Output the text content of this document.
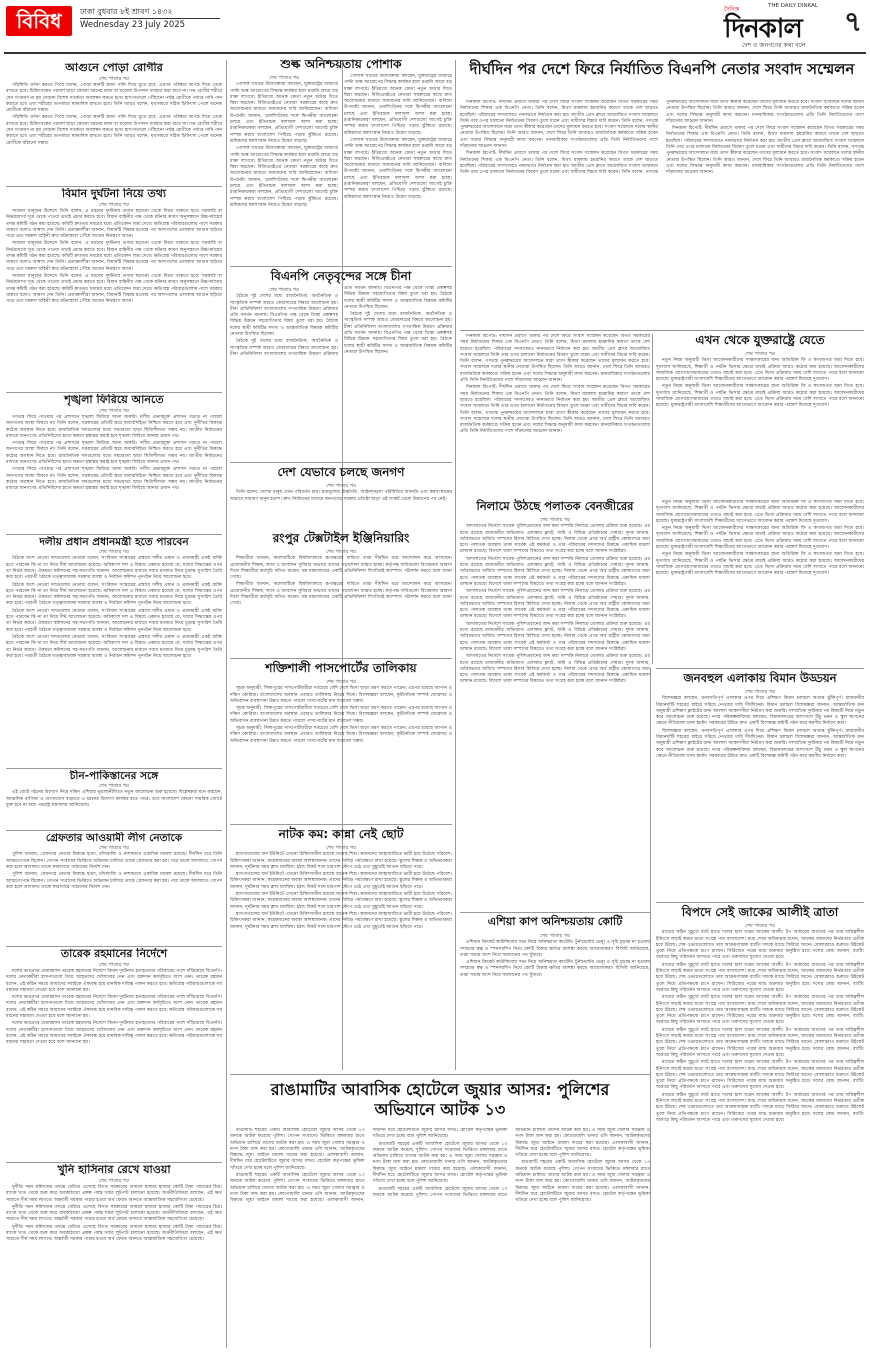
বিবিধ	ঢাকা বুধবার ৮ই শ্রাবণ ১৪৩২
Wednesday 23 July 2025
দৈনিক	THE DAILY DINKAL
দিনকাল
দেশ ও জনগণের কথা বলে
৭
আগুনে পোড়া রোগীর
শেষ পাতার পর

পরিস্থিতি বর্ণনা করতে গিয়ে বলেন, পোড়া স্থানটি ঠান্ডা পানি দিয়ে ধুতে হবে, এরপর পরিষ্কার কাপড় দিয়ে ঢেকে রাখতে হবে। চিকিৎসকের পরামর্শ ছাড়া কোনো ধরনের মলম বা ঘরোয়া উপাদান ব্যবহার করা যাবে না। দগ্ধ রোগীর শরীরে যেন সংক্রমণ না হয় সেজন্য বিশেষ সতর্কতা অবলম্বন করতে হবে। হাসপাতালে পৌঁছানো পর্যন্ত রোগীকে পর্যাপ্ত পানি পান করাতে হবে এবং শরীরের তাপমাত্রা স্বাভাবিক রাখতে হবে। তিনি আরও বলেন, যথাসময়ে সঠিক চিকিৎসা পেলে অনেক রোগীকে বাঁচানো সম্ভব।

পরিস্থিতি বর্ণনা করতে গিয়ে বলেন, পোড়া স্থানটি ঠান্ডা পানি দিয়ে ধুতে হবে, এরপর পরিষ্কার কাপড় দিয়ে ঢেকে রাখতে হবে। চিকিৎসকের পরামর্শ ছাড়া কোনো ধরনের মলম বা ঘরোয়া উপাদান ব্যবহার করা যাবে না। দগ্ধ রোগীর শরীরে যেন সংক্রমণ না হয় সেজন্য বিশেষ সতর্কতা অবলম্বন করতে হবে। হাসপাতালে পৌঁছানো পর্যন্ত রোগীকে পর্যাপ্ত পানি পান করাতে হবে এবং শরীরের তাপমাত্রা স্বাভাবিক রাখতে হবে। তিনি আরও বলেন, যথাসময়ে সঠিক চিকিৎসা পেলে অনেক রোগীকে বাঁচানো সম্ভব।

বিমান দুর্ঘটনা নিয়ে তথ্য
শেষ পাতার পর

সাধারণ মানুষের উদ্দেশে তিনি বলেন, এ ধরনের দুর্ঘটনায় গুজব ছড়ানো থেকে বিরত থাকতে হবে। সরকারি বা নির্ভরযোগ্য সূত্র থেকে পাওয়া তথ্যই প্রচার করতে হবে। বিমান বাহিনীর পক্ষ থেকে ঘটনার কারণ অনুসন্ধানে উচ্চপর্যায়ের তদন্ত কমিটি গঠন করা হয়েছে। কমিটি দ্রুততম সময়ের মধ্যে প্রতিবেদন জমা দেবে। ক্ষতিগ্রস্ত পরিবারগুলোর পাশে সরকার থাকবে বলেও আশ্বাস দেন তিনি। প্রত্যক্ষদর্শীরা জানান, বিমানটি বিধ্বস্ত হওয়ার পর আশপাশের এলাকায় আগুন ছড়িয়ে পড়ে এবং দমকল বাহিনী দ্রুত ঘটনাস্থলে পৌঁছে আগুন নিয়ন্ত্রণে আনে।

সাধারণ মানুষের উদ্দেশে তিনি বলেন, এ ধরনের দুর্ঘটনায় গুজব ছড়ানো থেকে বিরত থাকতে হবে। সরকারি বা নির্ভরযোগ্য সূত্র থেকে পাওয়া তথ্যই প্রচার করতে হবে। বিমান বাহিনীর পক্ষ থেকে ঘটনার কারণ অনুসন্ধানে উচ্চপর্যায়ের তদন্ত কমিটি গঠন করা হয়েছে। কমিটি দ্রুততম সময়ের মধ্যে প্রতিবেদন জমা দেবে। ক্ষতিগ্রস্ত পরিবারগুলোর পাশে সরকার থাকবে বলেও আশ্বাস দেন তিনি। প্রত্যক্ষদর্শীরা জানান, বিমানটি বিধ্বস্ত হওয়ার পর আশপাশের এলাকায় আগুন ছড়িয়ে পড়ে এবং দমকল বাহিনী দ্রুত ঘটনাস্থলে পৌঁছে আগুন নিয়ন্ত্রণে আনে।

সাধারণ মানুষের উদ্দেশে তিনি বলেন, এ ধরনের দুর্ঘটনায় গুজব ছড়ানো থেকে বিরত থাকতে হবে। সরকারি বা নির্ভরযোগ্য সূত্র থেকে পাওয়া তথ্যই প্রচার করতে হবে। বিমান বাহিনীর পক্ষ থেকে ঘটনার কারণ অনুসন্ধানে উচ্চপর্যায়ের তদন্ত কমিটি গঠন করা হয়েছে। কমিটি দ্রুততম সময়ের মধ্যে প্রতিবেদন জমা দেবে। ক্ষতিগ্রস্ত পরিবারগুলোর পাশে সরকার থাকবে বলেও আশ্বাস দেন তিনি। প্রত্যক্ষদর্শীরা জানান, বিমানটি বিধ্বস্ত হওয়ার পর আশপাশের এলাকায় আগুন ছড়িয়ে পড়ে এবং দমকল বাহিনী দ্রুত ঘটনাস্থলে পৌঁছে আগুন নিয়ন্ত্রণে আনে।

শৃঙ্খলা ফিরিয়ে আনতে
শেষ পাতার পর

গণতন্ত্র ফিরে পাওয়ার পর প্রশাসনে শৃঙ্খলা ফিরিয়ে আনা জরুরি। দলীয় প্রভাবমুক্ত প্রশাসন গড়তে না পারলে জনগণের আস্থা ফিরবে না। তিনি বলেন, সরকারের প্রতিটি স্তরে জবাবদিহিতা নিশ্চিত করতে হবে এবং দুর্নীতির বিরুদ্ধে কঠোর অবস্থান নিতে হবে। রাজনৈতিক দলগুলোর মধ্যে সমঝোতা ছাড়া স্থিতিশীলতা সম্ভব নয়। জাতীয় নির্বাচনের মাধ্যমে জনগণের প্রতিনিধিদের হাতে ক্ষমতা হস্তান্তর করাই হবে শৃঙ্খলা ফিরিয়ে আনার প্রধান পথ।

গণতন্ত্র ফিরে পাওয়ার পর প্রশাসনে শৃঙ্খলা ফিরিয়ে আনা জরুরি। দলীয় প্রভাবমুক্ত প্রশাসন গড়তে না পারলে জনগণের আস্থা ফিরবে না। তিনি বলেন, সরকারের প্রতিটি স্তরে জবাবদিহিতা নিশ্চিত করতে হবে এবং দুর্নীতির বিরুদ্ধে কঠোর অবস্থান নিতে হবে। রাজনৈতিক দলগুলোর মধ্যে সমঝোতা ছাড়া স্থিতিশীলতা সম্ভব নয়। জাতীয় নির্বাচনের মাধ্যমে জনগণের প্রতিনিধিদের হাতে ক্ষমতা হস্তান্তর করাই হবে শৃঙ্খলা ফিরিয়ে আনার প্রধান পথ।

গণতন্ত্র ফিরে পাওয়ার পর প্রশাসনে শৃঙ্খলা ফিরিয়ে আনা জরুরি। দলীয় প্রভাবমুক্ত প্রশাসন গড়তে না পারলে জনগণের আস্থা ফিরবে না। তিনি বলেন, সরকারের প্রতিটি স্তরে জবাবদিহিতা নিশ্চিত করতে হবে এবং দুর্নীতির বিরুদ্ধে কঠোর অবস্থান নিতে হবে। রাজনৈতিক দলগুলোর মধ্যে সমঝোতা ছাড়া স্থিতিশীলতা সম্ভব নয়। জাতীয় নির্বাচনের মাধ্যমে জনগণের প্রতিনিধিদের হাতে ক্ষমতা হস্তান্তর করাই হবে শৃঙ্খলা ফিরিয়ে আনার প্রধান পথ।

দলীয় প্রধান প্রধানমন্ত্রী হতে পারবেন
শেষ পাতার পর

বৈঠকে অংশ নেওয়া দলগুলোর নেতারা বলেন, সংবিধান সংস্কারের প্রস্তাবে দলীয় প্রধান ও প্রধানমন্ত্রী একই ব্যক্তি হতে পারবেন কি না তা নিয়ে দীর্ঘ আলোচনা হয়েছে। অধিকাংশ দল এ বিষয়ে একমত হয়েছে যে, দলের সিদ্ধান্তের ওপর তা নির্ভর করবে। ঐকমত্য কমিশনের সহ-সভাপতি জানান, আলোচনার মাধ্যমে সবার মতামত নিয়ে চূড়ান্ত সুপারিশ তৈরি করা হবে। পরবর্তী বৈঠকে তত্ত্বাবধায়ক সরকার ব্যবস্থা ও নির্বাচন কমিশন পুনর্গঠন নিয়ে আলোচনা হবে।

বৈঠকে অংশ নেওয়া দলগুলোর নেতারা বলেন, সংবিধান সংস্কারের প্রস্তাবে দলীয় প্রধান ও প্রধানমন্ত্রী একই ব্যক্তি হতে পারবেন কি না তা নিয়ে দীর্ঘ আলোচনা হয়েছে। অধিকাংশ দল এ বিষয়ে একমত হয়েছে যে, দলের সিদ্ধান্তের ওপর তা নির্ভর করবে। ঐকমত্য কমিশনের সহ-সভাপতি জানান, আলোচনার মাধ্যমে সবার মতামত নিয়ে চূড়ান্ত সুপারিশ তৈরি করা হবে। পরবর্তী বৈঠকে তত্ত্বাবধায়ক সরকার ব্যবস্থা ও নির্বাচন কমিশন পুনর্গঠন নিয়ে আলোচনা হবে।

বৈঠকে অংশ নেওয়া দলগুলোর নেতারা বলেন, সংবিধান সংস্কারের প্রস্তাবে দলীয় প্রধান ও প্রধানমন্ত্রী একই ব্যক্তি হতে পারবেন কি না তা নিয়ে দীর্ঘ আলোচনা হয়েছে। অধিকাংশ দল এ বিষয়ে একমত হয়েছে যে, দলের সিদ্ধান্তের ওপর তা নির্ভর করবে। ঐকমত্য কমিশনের সহ-সভাপতি জানান, আলোচনার মাধ্যমে সবার মতামত নিয়ে চূড়ান্ত সুপারিশ তৈরি করা হবে। পরবর্তী বৈঠকে তত্ত্বাবধায়ক সরকার ব্যবস্থা ও নির্বাচন কমিশন পুনর্গঠন নিয়ে আলোচনা হবে।

বৈঠকে অংশ নেওয়া দলগুলোর নেতারা বলেন, সংবিধান সংস্কারের প্রস্তাবে দলীয় প্রধান ও প্রধানমন্ত্রী একই ব্যক্তি হতে পারবেন কি না তা নিয়ে দীর্ঘ আলোচনা হয়েছে। অধিকাংশ দল এ বিষয়ে একমত হয়েছে যে, দলের সিদ্ধান্তের ওপর তা নির্ভর করবে। ঐকমত্য কমিশনের সহ-সভাপতি জানান, আলোচনার মাধ্যমে সবার মতামত নিয়ে চূড়ান্ত সুপারিশ তৈরি করা হবে। পরবর্তী বৈঠকে তত্ত্বাবধায়ক সরকার ব্যবস্থা ও নির্বাচন কমিশন পুনর্গঠন নিয়ে আলোচনা হবে।

চীন-পাকিস্তানের সঙ্গে
শেষ পাতার পর

এই জোট গঠনের উদ্যোগ নিয়ে দক্ষিণ এশিয়ার ভূরাজনীতিতে নতুন আলোচনা শুরু হয়েছে। বিশ্লেষকরা মনে করছেন, আঞ্চলিক বাণিজ্য ও যোগাযোগ বাড়াতে এ ধরনের উদ্যোগ কার্যকর হতে পারে। তবে বাংলাদেশ কোনো সামরিক জোটে যুক্ত হবে না বলে পররাষ্ট্র মন্ত্রণালয় জানিয়েছে।

গ্রেফতার আওয়ামী লীগ নেতাকে
শেষ পাতার পর

পুলিশ জানায়, গ্রেফতার নেতার বিরুদ্ধে হত্যা, চাঁদাবাজি ও নাশকতার একাধিক মামলা রয়েছে। দীর্ঘদিন ধরে তিনি আত্মগোপনে ছিলেন। গোপন সংবাদের ভিত্তিতে অভিযান চালিয়ে তাকে গ্রেফতার করা হয়। পরে তাকে আদালতে সোপর্দ করা হলে আদালত তাকে কারাগারে পাঠানোর নির্দেশ দেন।

পুলিশ জানায়, গ্রেফতার নেতার বিরুদ্ধে হত্যা, চাঁদাবাজি ও নাশকতার একাধিক মামলা রয়েছে। দীর্ঘদিন ধরে তিনি আত্মগোপনে ছিলেন। গোপন সংবাদের ভিত্তিতে অভিযান চালিয়ে তাকে গ্রেফতার করা হয়। পরে তাকে আদালতে সোপর্দ করা হলে আদালত তাকে কারাগারে পাঠানোর নির্দেশ দেন।

তারেক রহমানের নির্দেশে
শেষ পাতার পর

দলের ভারপ্রাপ্ত চেয়ারম্যান তারেক রহমানের নির্দেশে বিমান দুর্ঘটনায় হতাহতদের পরিবারের পাশে দাঁড়িয়েছে বিএনপি। দলের নেতাকর্মীরা হাসপাতালে গিয়ে আহতদের খোঁজখবর নেন এবং রক্তদান কর্মসূচিতে অংশ নেন। তারেক রহমান বলেন, এই কঠিন সময়ে আমাদের সবাইকে ঐক্যবদ্ধ হয়ে মানবিক দায়িত্ব পালন করতে হবে। ক্ষতিগ্রস্ত পরিবারগুলোকে সব ধরনের সহায়তা দেওয়া হবে বলে জানানো হয়।

দলের ভারপ্রাপ্ত চেয়ারম্যান তারেক রহমানের নির্দেশে বিমান দুর্ঘটনায় হতাহতদের পরিবারের পাশে দাঁড়িয়েছে বিএনপি। দলের নেতাকর্মীরা হাসপাতালে গিয়ে আহতদের খোঁজখবর নেন এবং রক্তদান কর্মসূচিতে অংশ নেন। তারেক রহমান বলেন, এই কঠিন সময়ে আমাদের সবাইকে ঐক্যবদ্ধ হয়ে মানবিক দায়িত্ব পালন করতে হবে। ক্ষতিগ্রস্ত পরিবারগুলোকে সব ধরনের সহায়তা দেওয়া হবে বলে জানানো হয়।

দলের ভারপ্রাপ্ত চেয়ারম্যান তারেক রহমানের নির্দেশে বিমান দুর্ঘটনায় হতাহতদের পরিবারের পাশে দাঁড়িয়েছে বিএনপি। দলের নেতাকর্মীরা হাসপাতালে গিয়ে আহতদের খোঁজখবর নেন এবং রক্তদান কর্মসূচিতে অংশ নেন। তারেক রহমান বলেন, এই কঠিন সময়ে আমাদের সবাইকে ঐক্যবদ্ধ হয়ে মানবিক দায়িত্ব পালন করতে হবে। ক্ষতিগ্রস্ত পরিবারগুলোকে সব ধরনের সহায়তা দেওয়া হবে বলে জানানো হয়।

খুনি হাসিনার রেখে যাওয়া
শেষ পাতার পর

দুর্নীতি দমন কমিশনের তদন্তে বেরিয়ে এসেছে বিগত সরকারের আমলে হাজার হাজার কোটি টাকা পাচারের চিত্র। ব্যাংক খাত থেকে শুরু করে অবকাঠামো প্রকল্প পর্যন্ত সর্বত্র লুটপাট চালানো হয়েছে। অর্থনীতিবিদরা বলছেন, এই ক্ষত সারাতে দীর্ঘ সময় লাগবে। অন্তর্বর্তী সরকার পাচার হওয়া অর্থ ফেরত আনতে আন্তর্জাতিক সহযোগিতা চেয়েছে।

দুর্নীতি দমন কমিশনের তদন্তে বেরিয়ে এসেছে বিগত সরকারের আমলে হাজার হাজার কোটি টাকা পাচারের চিত্র। ব্যাংক খাত থেকে শুরু করে অবকাঠামো প্রকল্প পর্যন্ত সর্বত্র লুটপাট চালানো হয়েছে। অর্থনীতিবিদরা বলছেন, এই ক্ষত সারাতে দীর্ঘ সময় লাগবে। অন্তর্বর্তী সরকার পাচার হওয়া অর্থ ফেরত আনতে আন্তর্জাতিক সহযোগিতা চেয়েছে।

দুর্নীতি দমন কমিশনের তদন্তে বেরিয়ে এসেছে বিগত সরকারের আমলে হাজার হাজার কোটি টাকা পাচারের চিত্র। ব্যাংক খাত থেকে শুরু করে অবকাঠামো প্রকল্প পর্যন্ত সর্বত্র লুটপাট চালানো হয়েছে। অর্থনীতিবিদরা বলছেন, এই ক্ষত সারাতে দীর্ঘ সময় লাগবে। অন্তর্বর্তী সরকার পাচার হওয়া অর্থ ফেরত আনতে আন্তর্জাতিক সহযোগিতা চেয়েছে।

শুল্ক অনিশ্চয়তায় পোশাক
শেষ পাতার পর

পোশাক খাতের উদ্যোক্তারা বলছেন, যুক্তরাষ্ট্রের বাজারে পাল্টা শুল্ক আরোপের সিদ্ধান্ত কার্যকর হলে রপ্তানি আয়ে বড় ধাক্কা লাগবে। ইতিমধ্যে অনেক ক্রেতা নতুন অর্ডার দিতে দ্বিধা করছেন। বিজিএমইএর নেতারা সরকারের কাছে দ্রুত আলোচনার মাধ্যমে সমাধানের দাবি জানিয়েছেন। বাণিজ্য উপদেষ্টা জানান, ওয়াশিংটনের সঙ্গে দ্বিপক্ষীয় আলোচনা চলছে এবং ইতিবাচক ফলাফল আশা করা হচ্ছে। রপ্তানিকারকরা বলছেন, প্রতিযোগী দেশগুলো আগেই চুক্তি সম্পন্ন করায় বাংলাদেশ পিছিয়ে পড়ার ঝুঁকিতে রয়েছে। শ্রমিকদের কর্মসংস্থান নিয়েও উদ্বেগ বাড়ছে।

পোশাক খাতের উদ্যোক্তারা বলছেন, যুক্তরাষ্ট্রের বাজারে পাল্টা শুল্ক আরোপের সিদ্ধান্ত কার্যকর হলে রপ্তানি আয়ে বড় ধাক্কা লাগবে। ইতিমধ্যে অনেক ক্রেতা নতুন অর্ডার দিতে দ্বিধা করছেন। বিজিএমইএর নেতারা সরকারের কাছে দ্রুত আলোচনার মাধ্যমে সমাধানের দাবি জানিয়েছেন। বাণিজ্য উপদেষ্টা জানান, ওয়াশিংটনের সঙ্গে দ্বিপক্ষীয় আলোচনা চলছে এবং ইতিবাচক ফলাফল আশা করা হচ্ছে। রপ্তানিকারকরা বলছেন, প্রতিযোগী দেশগুলো আগেই চুক্তি সম্পন্ন করায় বাংলাদেশ পিছিয়ে পড়ার ঝুঁকিতে রয়েছে। শ্রমিকদের কর্মসংস্থান নিয়েও উদ্বেগ বাড়ছে।

পোশাক খাতের উদ্যোক্তারা বলছেন, যুক্তরাষ্ট্রের বাজারে পাল্টা শুল্ক আরোপের সিদ্ধান্ত কার্যকর হলে রপ্তানি আয়ে বড় ধাক্কা লাগবে। ইতিমধ্যে অনেক ক্রেতা নতুন অর্ডার দিতে দ্বিধা করছেন। বিজিএমইএর নেতারা সরকারের কাছে দ্রুত আলোচনার মাধ্যমে সমাধানের দাবি জানিয়েছেন। বাণিজ্য উপদেষ্টা জানান, ওয়াশিংটনের সঙ্গে দ্বিপক্ষীয় আলোচনা চলছে এবং ইতিবাচক ফলাফল আশা করা হচ্ছে। রপ্তানিকারকরা বলছেন, প্রতিযোগী দেশগুলো আগেই চুক্তি সম্পন্ন করায় বাংলাদেশ পিছিয়ে পড়ার ঝুঁকিতে রয়েছে। শ্রমিকদের কর্মসংস্থান নিয়েও উদ্বেগ বাড়ছে।

পোশাক খাতের উদ্যোক্তারা বলছেন, যুক্তরাষ্ট্রের বাজারে পাল্টা শুল্ক আরোপের সিদ্ধান্ত কার্যকর হলে রপ্তানি আয়ে বড় ধাক্কা লাগবে। ইতিমধ্যে অনেক ক্রেতা নতুন অর্ডার দিতে দ্বিধা করছেন। বিজিএমইএর নেতারা সরকারের কাছে দ্রুত আলোচনার মাধ্যমে সমাধানের দাবি জানিয়েছেন। বাণিজ্য উপদেষ্টা জানান, ওয়াশিংটনের সঙ্গে দ্বিপক্ষীয় আলোচনা চলছে এবং ইতিবাচক ফলাফল আশা করা হচ্ছে। রপ্তানিকারকরা বলছেন, প্রতিযোগী দেশগুলো আগেই চুক্তি সম্পন্ন করায় বাংলাদেশ পিছিয়ে পড়ার ঝুঁকিতে রয়েছে। শ্রমিকদের কর্মসংস্থান নিয়েও উদ্বেগ বাড়ছে।

দীর্ঘদিন পর দেশে ফিরে নির্যাতিত বিএনপি নেতার সংবাদ সম্মেলন

দিনকাল রিপোর্ট: দীর্ঘদিন প্রবাসে থাকার পর দেশে ফিরে সংবাদ সম্মেলন করেছেন বিগত সরকারের সময় নির্যাতনের শিকার এক বিএনপি নেতা। তিনি বলেন, মিথ্যা মামলায় হয়রানির কারণে তাকে দেশ ছাড়তে হয়েছিল। পরিবারের সদস্যদেরও নানাভাবে নির্যাতন করা হয়। জাতীয় প্রেস ক্লাবে আয়োজিত সংবাদ সম্মেলনে তিনি তার ওপর চালানো নির্যাতনের বিবরণ তুলে ধরেন এবং দায়ীদের বিচার দাবি করেন। তিনি বলেন, গণতন্ত্র পুনরুদ্ধারের আন্দোলনে যারা ত্যাগ স্বীকার করেছেন তাদের মূল্যায়ন করতে হবে। সংবাদ সম্মেলনে দলের স্থানীয় নেতারা উপস্থিত ছিলেন। তিনি আরও জানান, দেশে ফিরে তিনি আবারও রাজনৈতিক কর্মকাণ্ডে সক্রিয় হবেন এবং দলের সিদ্ধান্ত অনুযায়ী কাজ করবেন। মানবাধিকার সংগঠনগুলোর প্রতি তিনি নির্যাতিতদের পাশে দাঁড়ানোর আহ্বান জানান।

দিনকাল রিপোর্ট: দীর্ঘদিন প্রবাসে থাকার পর দেশে ফিরে সংবাদ সম্মেলন করেছেন বিগত সরকারের সময় নির্যাতনের শিকার এক বিএনপি নেতা। তিনি বলেন, মিথ্যা মামলায় হয়রানির কারণে তাকে দেশ ছাড়তে হয়েছিল। পরিবারের সদস্যদেরও নানাভাবে নির্যাতন করা হয়। জাতীয় প্রেস ক্লাবে আয়োজিত সংবাদ সম্মেলনে তিনি তার ওপর চালানো নির্যাতনের বিবরণ তুলে ধরেন এবং দায়ীদের বিচার দাবি করেন। তিনি বলেন, গণতন্ত্র পুনরুদ্ধারের আন্দোলনে যারা ত্যাগ স্বীকার করেছেন তাদের মূল্যায়ন করতে হবে। সংবাদ সম্মেলনে দলের স্থানীয় নেতারা উপস্থিত ছিলেন। তিনি আরও জানান, দেশে ফিরে তিনি আবারও রাজনৈতিক কর্মকাণ্ডে সক্রিয় হবেন এবং দলের সিদ্ধান্ত অনুযায়ী কাজ করবেন। মানবাধিকার সংগঠনগুলোর প্রতি তিনি নির্যাতিতদের পাশে দাঁড়ানোর আহ্বান জানান।

দিনকাল রিপোর্ট: দীর্ঘদিন প্রবাসে থাকার পর দেশে ফিরে সংবাদ সম্মেলন করেছেন বিগত সরকারের সময় নির্যাতনের শিকার এক বিএনপি নেতা। তিনি বলেন, মিথ্যা মামলায় হয়রানির কারণে তাকে দেশ ছাড়তে হয়েছিল। পরিবারের সদস্যদেরও নানাভাবে নির্যাতন করা হয়। জাতীয় প্রেস ক্লাবে আয়োজিত সংবাদ সম্মেলনে তিনি তার ওপর চালানো নির্যাতনের বিবরণ তুলে ধরেন এবং দায়ীদের বিচার দাবি করেন। তিনি বলেন, গণতন্ত্র পুনরুদ্ধারের আন্দোলনে যারা ত্যাগ স্বীকার করেছেন তাদের মূল্যায়ন করতে হবে। সংবাদ সম্মেলনে দলের স্থানীয় নেতারা উপস্থিত ছিলেন। তিনি আরও জানান, দেশে ফিরে তিনি আবারও রাজনৈতিক কর্মকাণ্ডে সক্রিয় হবেন এবং দলের সিদ্ধান্ত অনুযায়ী কাজ করবেন। মানবাধিকার সংগঠনগুলোর প্রতি তিনি নির্যাতিতদের পাশে দাঁড়ানোর আহ্বান জানান।

বিএনপি নেতৃবৃন্দের সঙ্গে চীনা
শেষ পাতার পর

বৈঠকে দুই দেশের মধ্যে রাজনৈতিক, অর্থনৈতিক ও সাংস্কৃতিক সম্পর্ক আরও জোরদারের বিষয়ে আলোচনা হয়। চীনা প্রতিনিধিদল বাংলাদেশের গণতান্ত্রিক উত্তরণ প্রক্রিয়ার প্রতি সমর্থন জানায়। বিএনপির পক্ষ থেকে তিস্তা প্রকল্পসহ বিভিন্ন উন্নয়ন সহযোগিতার বিষয় তুলে ধরা হয়। বৈঠকে দলের স্থায়ী কমিটির সদস্য ও আন্তর্জাতিক বিষয়ক কমিটির নেতারা উপস্থিত ছিলেন।

বৈঠকে দুই দেশের মধ্যে রাজনৈতিক, অর্থনৈতিক ও সাংস্কৃতিক সম্পর্ক আরও জোরদারের বিষয়ে আলোচনা হয়। চীনা প্রতিনিধিদল বাংলাদেশের গণতান্ত্রিক উত্তরণ প্রক্রিয়ার প্রতি সমর্থন জানায়। বিএনপির পক্ষ থেকে তিস্তা প্রকল্পসহ বিভিন্ন উন্নয়ন সহযোগিতার বিষয় তুলে ধরা হয়। বৈঠকে দলের স্থায়ী কমিটির সদস্য ও আন্তর্জাতিক বিষয়ক কমিটির নেতারা উপস্থিত ছিলেন।

বৈঠকে দুই দেশের মধ্যে রাজনৈতিক, অর্থনৈতিক ও সাংস্কৃতিক সম্পর্ক আরও জোরদারের বিষয়ে আলোচনা হয়। চীনা প্রতিনিধিদল বাংলাদেশের গণতান্ত্রিক উত্তরণ প্রক্রিয়ার প্রতি সমর্থন জানায়। বিএনপির পক্ষ থেকে তিস্তা প্রকল্পসহ বিভিন্ন উন্নয়ন সহযোগিতার বিষয় তুলে ধরা হয়। বৈঠকে দলের স্থায়ী কমিটির সদস্য ও আন্তর্জাতিক বিষয়ক কমিটির নেতারা উপস্থিত ছিলেন।

এখন থেকে যুক্তরাষ্ট্রে যেতে
শেষ পাতার পর

নতুন নিয়ম অনুযায়ী ভিসা আবেদনকারীদের সাক্ষাৎকারের জন্য অতিরিক্ত ফি ও কাগজপত্র জমা দিতে হবে। দূতাবাস জানিয়েছে, শিক্ষার্থী ও পর্যটন ভিসার ক্ষেত্রে যাচাই প্রক্রিয়া আরও কঠোর করা হয়েছে। আবেদনকারীদের সামাজিক যোগাযোগমাধ্যমের তথ্যও যাচাই করা হবে। এতে ভিসা প্রক্রিয়ায় সময় বেশি লাগতে পারে বলে জানানো হয়েছে। যুক্তরাষ্ট্রগামী বাংলাদেশি শিক্ষার্থীদের আগেভাগে আবেদন করার পরামর্শ দিয়েছে দূতাবাস।

নতুন নিয়ম অনুযায়ী ভিসা আবেদনকারীদের সাক্ষাৎকারের জন্য অতিরিক্ত ফি ও কাগজপত্র জমা দিতে হবে। দূতাবাস জানিয়েছে, শিক্ষার্থী ও পর্যটন ভিসার ক্ষেত্রে যাচাই প্রক্রিয়া আরও কঠোর করা হয়েছে। আবেদনকারীদের সামাজিক যোগাযোগমাধ্যমের তথ্যও যাচাই করা হবে। এতে ভিসা প্রক্রিয়ায় সময় বেশি লাগতে পারে বলে জানানো হয়েছে। যুক্তরাষ্ট্রগামী বাংলাদেশি শিক্ষার্থীদের আগেভাগে আবেদন করার পরামর্শ দিয়েছে দূতাবাস।

দিনকাল রিপোর্ট: দীর্ঘদিন প্রবাসে থাকার পর দেশে ফিরে সংবাদ সম্মেলন করেছেন বিগত সরকারের সময় নির্যাতনের শিকার এক বিএনপি নেতা। তিনি বলেন, মিথ্যা মামলায় হয়রানির কারণে তাকে দেশ ছাড়তে হয়েছিল। পরিবারের সদস্যদেরও নানাভাবে নির্যাতন করা হয়। জাতীয় প্রেস ক্লাবে আয়োজিত সংবাদ সম্মেলনে তিনি তার ওপর চালানো নির্যাতনের বিবরণ তুলে ধরেন এবং দায়ীদের বিচার দাবি করেন। তিনি বলেন, গণতন্ত্র পুনরুদ্ধারের আন্দোলনে যারা ত্যাগ স্বীকার করেছেন তাদের মূল্যায়ন করতে হবে। সংবাদ সম্মেলনে দলের স্থানীয় নেতারা উপস্থিত ছিলেন। তিনি আরও জানান, দেশে ফিরে তিনি আবারও রাজনৈতিক কর্মকাণ্ডে সক্রিয় হবেন এবং দলের সিদ্ধান্ত অনুযায়ী কাজ করবেন। মানবাধিকার সংগঠনগুলোর প্রতি তিনি নির্যাতিতদের পাশে দাঁড়ানোর আহ্বান জানান।

দিনকাল রিপোর্ট: দীর্ঘদিন প্রবাসে থাকার পর দেশে ফিরে সংবাদ সম্মেলন করেছেন বিগত সরকারের সময় নির্যাতনের শিকার এক বিএনপি নেতা। তিনি বলেন, মিথ্যা মামলায় হয়রানির কারণে তাকে দেশ ছাড়তে হয়েছিল। পরিবারের সদস্যদেরও নানাভাবে নির্যাতন করা হয়। জাতীয় প্রেস ক্লাবে আয়োজিত সংবাদ সম্মেলনে তিনি তার ওপর চালানো নির্যাতনের বিবরণ তুলে ধরেন এবং দায়ীদের বিচার দাবি করেন। তিনি বলেন, গণতন্ত্র পুনরুদ্ধারের আন্দোলনে যারা ত্যাগ স্বীকার করেছেন তাদের মূল্যায়ন করতে হবে। সংবাদ সম্মেলনে দলের স্থানীয় নেতারা উপস্থিত ছিলেন। তিনি আরও জানান, দেশে ফিরে তিনি আবারও রাজনৈতিক কর্মকাণ্ডে সক্রিয় হবেন এবং দলের সিদ্ধান্ত অনুযায়ী কাজ করবেন। মানবাধিকার সংগঠনগুলোর প্রতি তিনি নির্যাতিতদের পাশে দাঁড়ানোর আহ্বান জানান।

দেশ যেভাবে চলছে জনগণ
শেষ পাতার পর

তিনি বলেন, দেশের মানুষ এখন পরিবর্তন চায়। দ্রব্যমূল্যের ঊর্ধ্বগতি, আইনশৃঙ্খলা পরিস্থিতির অবনতি এবং কর্মসংস্থানের অভাবে সাধারণ মানুষ হতাশ। দ্রুত নির্বাচনের মাধ্যমে জনগণের সরকার প্রতিষ্ঠা ছাড়া এই সংকট থেকে উত্তরণের পথ নেই।

রংপুর টেক্সটাইল ইঞ্জিনিয়ারিং
শেষ পাতার পর

শিক্ষার্থীরা জানান, কলেজটিকে বিশ্ববিদ্যালয়ে রূপান্তরের দাবিতে তারা দীর্ঘদিন ধরে আন্দোলন করে আসছেন। প্রয়োজনীয় শিক্ষক, ল্যাব ও আবাসন সুবিধার অভাবে তাদের পড়াশোনা ব্যাহত হচ্ছে। কর্তৃপক্ষ দাবিগুলো বিবেচনার আশ্বাস দিলে শিক্ষার্থীরা কর্মসূচি স্থগিত করেন। বস্ত্র মন্ত্রণালয়ের একটি প্রতিনিধিদল শিগগিরই ক্যাম্পাস পরিদর্শন করবে বলে জানা গেছে।

শিক্ষার্থীরা জানান, কলেজটিকে বিশ্ববিদ্যালয়ে রূপান্তরের দাবিতে তারা দীর্ঘদিন ধরে আন্দোলন করে আসছেন। প্রয়োজনীয় শিক্ষক, ল্যাব ও আবাসন সুবিধার অভাবে তাদের পড়াশোনা ব্যাহত হচ্ছে। কর্তৃপক্ষ দাবিগুলো বিবেচনার আশ্বাস দিলে শিক্ষার্থীরা কর্মসূচি স্থগিত করেন। বস্ত্র মন্ত্রণালয়ের একটি প্রতিনিধিদল শিগগিরই ক্যাম্পাস পরিদর্শন করবে বলে জানা গেছে।

নিলামে উঠছে পলাতক বেনজীরের
শেষ পাতার পর

আদালতের নির্দেশে সাবেক পুলিশপ্রধানের জব্দ করা সম্পত্তি নিলামে তোলার প্রক্রিয়া শুরু হয়েছে। এর মধ্যে রয়েছে রাজধানীর অভিজাত এলাকার ফ্ল্যাট, জমি ও বিভিন্ন প্রতিষ্ঠানের শেয়ার। দুদক জানায়, অবৈধভাবে অর্জিত সম্পদের হিসাব মিলিয়ে দেখা হচ্ছে। নিলাম থেকে প্রাপ্ত অর্থ রাষ্ট্রীয় কোষাগারে জমা হবে। পলাতক অবস্থায় থাকা সাবেক এই কর্মকর্তা ও তার পরিবারের সদস্যদের বিরুদ্ধে একাধিক মামলা চলমান রয়েছে। বিদেশে থাকা সম্পদের বিষয়েও তথ্য সংগ্রহ করা হচ্ছে বলে জানান সংশ্লিষ্টরা।

আদালতের নির্দেশে সাবেক পুলিশপ্রধানের জব্দ করা সম্পত্তি নিলামে তোলার প্রক্রিয়া শুরু হয়েছে। এর মধ্যে রয়েছে রাজধানীর অভিজাত এলাকার ফ্ল্যাট, জমি ও বিভিন্ন প্রতিষ্ঠানের শেয়ার। দুদক জানায়, অবৈধভাবে অর্জিত সম্পদের হিসাব মিলিয়ে দেখা হচ্ছে। নিলাম থেকে প্রাপ্ত অর্থ রাষ্ট্রীয় কোষাগারে জমা হবে। পলাতক অবস্থায় থাকা সাবেক এই কর্মকর্তা ও তার পরিবারের সদস্যদের বিরুদ্ধে একাধিক মামলা চলমান রয়েছে। বিদেশে থাকা সম্পদের বিষয়েও তথ্য সংগ্রহ করা হচ্ছে বলে জানান সংশ্লিষ্টরা।

আদালতের নির্দেশে সাবেক পুলিশপ্রধানের জব্দ করা সম্পত্তি নিলামে তোলার প্রক্রিয়া শুরু হয়েছে। এর মধ্যে রয়েছে রাজধানীর অভিজাত এলাকার ফ্ল্যাট, জমি ও বিভিন্ন প্রতিষ্ঠানের শেয়ার। দুদক জানায়, অবৈধভাবে অর্জিত সম্পদের হিসাব মিলিয়ে দেখা হচ্ছে। নিলাম থেকে প্রাপ্ত অর্থ রাষ্ট্রীয় কোষাগারে জমা হবে। পলাতক অবস্থায় থাকা সাবেক এই কর্মকর্তা ও তার পরিবারের সদস্যদের বিরুদ্ধে একাধিক মামলা চলমান রয়েছে। বিদেশে থাকা সম্পদের বিষয়েও তথ্য সংগ্রহ করা হচ্ছে বলে জানান সংশ্লিষ্টরা।

আদালতের নির্দেশে সাবেক পুলিশপ্রধানের জব্দ করা সম্পত্তি নিলামে তোলার প্রক্রিয়া শুরু হয়েছে। এর মধ্যে রয়েছে রাজধানীর অভিজাত এলাকার ফ্ল্যাট, জমি ও বিভিন্ন প্রতিষ্ঠানের শেয়ার। দুদক জানায়, অবৈধভাবে অর্জিত সম্পদের হিসাব মিলিয়ে দেখা হচ্ছে। নিলাম থেকে প্রাপ্ত অর্থ রাষ্ট্রীয় কোষাগারে জমা হবে। পলাতক অবস্থায় থাকা সাবেক এই কর্মকর্তা ও তার পরিবারের সদস্যদের বিরুদ্ধে একাধিক মামলা চলমান রয়েছে। বিদেশে থাকা সম্পদের বিষয়েও তথ্য সংগ্রহ করা হচ্ছে বলে জানান সংশ্লিষ্টরা।

আদালতের নির্দেশে সাবেক পুলিশপ্রধানের জব্দ করা সম্পত্তি নিলামে তোলার প্রক্রিয়া শুরু হয়েছে। এর মধ্যে রয়েছে রাজধানীর অভিজাত এলাকার ফ্ল্যাট, জমি ও বিভিন্ন প্রতিষ্ঠানের শেয়ার। দুদক জানায়, অবৈধভাবে অর্জিত সম্পদের হিসাব মিলিয়ে দেখা হচ্ছে। নিলাম থেকে প্রাপ্ত অর্থ রাষ্ট্রীয় কোষাগারে জমা হবে। পলাতক অবস্থায় থাকা সাবেক এই কর্মকর্তা ও তার পরিবারের সদস্যদের বিরুদ্ধে একাধিক মামলা চলমান রয়েছে। বিদেশে থাকা সম্পদের বিষয়েও তথ্য সংগ্রহ করা হচ্ছে বলে জানান সংশ্লিষ্টরা।

নতুন নিয়ম অনুযায়ী ভিসা আবেদনকারীদের সাক্ষাৎকারের জন্য অতিরিক্ত ফি ও কাগজপত্র জমা দিতে হবে। দূতাবাস জানিয়েছে, শিক্ষার্থী ও পর্যটন ভিসার ক্ষেত্রে যাচাই প্রক্রিয়া আরও কঠোর করা হয়েছে। আবেদনকারীদের সামাজিক যোগাযোগমাধ্যমের তথ্যও যাচাই করা হবে। এতে ভিসা প্রক্রিয়ায় সময় বেশি লাগতে পারে বলে জানানো হয়েছে। যুক্তরাষ্ট্রগামী বাংলাদেশি শিক্ষার্থীদের আগেভাগে আবেদন করার পরামর্শ দিয়েছে দূতাবাস।

নতুন নিয়ম অনুযায়ী ভিসা আবেদনকারীদের সাক্ষাৎকারের জন্য অতিরিক্ত ফি ও কাগজপত্র জমা দিতে হবে। দূতাবাস জানিয়েছে, শিক্ষার্থী ও পর্যটন ভিসার ক্ষেত্রে যাচাই প্রক্রিয়া আরও কঠোর করা হয়েছে। আবেদনকারীদের সামাজিক যোগাযোগমাধ্যমের তথ্যও যাচাই করা হবে। এতে ভিসা প্রক্রিয়ায় সময় বেশি লাগতে পারে বলে জানানো হয়েছে। যুক্তরাষ্ট্রগামী বাংলাদেশি শিক্ষার্থীদের আগেভাগে আবেদন করার পরামর্শ দিয়েছে দূতাবাস।

নতুন নিয়ম অনুযায়ী ভিসা আবেদনকারীদের সাক্ষাৎকারের জন্য অতিরিক্ত ফি ও কাগজপত্র জমা দিতে হবে। দূতাবাস জানিয়েছে, শিক্ষার্থী ও পর্যটন ভিসার ক্ষেত্রে যাচাই প্রক্রিয়া আরও কঠোর করা হয়েছে। আবেদনকারীদের সামাজিক যোগাযোগমাধ্যমের তথ্যও যাচাই করা হবে। এতে ভিসা প্রক্রিয়ায় সময় বেশি লাগতে পারে বলে জানানো হয়েছে। যুক্তরাষ্ট্রগামী বাংলাদেশি শিক্ষার্থীদের আগেভাগে আবেদন করার পরামর্শ দিয়েছে দূতাবাস।

শক্তিশালী পাসপোর্টের তালিকায়
শেষ পাতার পর

সূচক অনুযায়ী, সিঙ্গাপুরের পাসপোর্টধারীরা সবচেয়ে বেশি দেশে ভিসা ছাড়া ভ্রমণ করতে পারেন। এরপর রয়েছে জাপান ও দক্ষিণ কোরিয়া। বাংলাদেশের অবস্থান এবারও তালিকার নিচের দিকে। বিশেষজ্ঞরা বলছেন, কূটনৈতিক সম্পর্ক জোরদার ও অভিবাসন ব্যবস্থাপনা উন্নত করতে পারলে পাসপোর্টের মান বাড়ানো সম্ভব।

সূচক অনুযায়ী, সিঙ্গাপুরের পাসপোর্টধারীরা সবচেয়ে বেশি দেশে ভিসা ছাড়া ভ্রমণ করতে পারেন। এরপর রয়েছে জাপান ও দক্ষিণ কোরিয়া। বাংলাদেশের অবস্থান এবারও তালিকার নিচের দিকে। বিশেষজ্ঞরা বলছেন, কূটনৈতিক সম্পর্ক জোরদার ও অভিবাসন ব্যবস্থাপনা উন্নত করতে পারলে পাসপোর্টের মান বাড়ানো সম্ভব।

সূচক অনুযায়ী, সিঙ্গাপুরের পাসপোর্টধারীরা সবচেয়ে বেশি দেশে ভিসা ছাড়া ভ্রমণ করতে পারেন। এরপর রয়েছে জাপান ও দক্ষিণ কোরিয়া। বাংলাদেশের অবস্থান এবারও তালিকার নিচের দিকে। বিশেষজ্ঞরা বলছেন, কূটনৈতিক সম্পর্ক জোরদার ও অভিবাসন ব্যবস্থাপনা উন্নত করতে পারলে পাসপোর্টের মান বাড়ানো সম্ভব।

জনবহুল এলাকায় বিমান উড্ডয়ন
শেষ পাতার পর

বিশেষজ্ঞরা বলছেন, ঘনবসতিপূর্ণ এলাকার ওপর দিয়ে প্রশিক্ষণ বিমান চলাচল অত্যন্ত ঝুঁকিপূর্ণ। রাজধানীর বিমানঘাঁটি শহরের বাইরে সরিয়ে নেওয়ার দাবি দীর্ঘদিনের। বিমান চলাচল বিশেষজ্ঞরা জানান, আন্তর্জাতিক মান অনুযায়ী প্রশিক্ষণ ফ্লাইটের জন্য আলাদা আকাশসীমা নির্ধারণ করা জরুরি। সাম্প্রতিক দুর্ঘটনার পর বিষয়টি নিয়ে নতুন করে আলোচনা শুরু হয়েছে। নগর পরিকল্পনাবিদরা বলছেন, বিমানবন্দরের আশপাশে উঁচু ভবন ও স্কুল স্থাপনের ক্ষেত্রে নীতিমালা মানা হয়নি। সরকারের উচিত দ্রুত একটি বিশেষজ্ঞ কমিটি গঠন করে করণীয় নির্ধারণ করা।

বিশেষজ্ঞরা বলছেন, ঘনবসতিপূর্ণ এলাকার ওপর দিয়ে প্রশিক্ষণ বিমান চলাচল অত্যন্ত ঝুঁকিপূর্ণ। রাজধানীর বিমানঘাঁটি শহরের বাইরে সরিয়ে নেওয়ার দাবি দীর্ঘদিনের। বিমান চলাচল বিশেষজ্ঞরা জানান, আন্তর্জাতিক মান অনুযায়ী প্রশিক্ষণ ফ্লাইটের জন্য আলাদা আকাশসীমা নির্ধারণ করা জরুরি। সাম্প্রতিক দুর্ঘটনার পর বিষয়টি নিয়ে নতুন করে আলোচনা শুরু হয়েছে। নগর পরিকল্পনাবিদরা বলছেন, বিমানবন্দরের আশপাশে উঁচু ভবন ও স্কুল স্থাপনের ক্ষেত্রে নীতিমালা মানা হয়নি। সরকারের উচিত দ্রুত একটি বিশেষজ্ঞ কমিটি গঠন করে করণীয় নির্ধারণ করা।

নাটক কম: কান্না নেই ছোট
শেষ পাতার পর

হাসপাতালের বার্ন ইউনিটে এখনো চিকিৎসাধীন রয়েছে অনেক শিশু। স্বজনদের আহাজারিতে ভারী হয়ে উঠেছে পরিবেশ। চিকিৎসকরা জানান, কয়েকজনের অবস্থা আশঙ্কাজনক। তাদের নিবিড় পর্যবেক্ষণে রাখা হয়েছে। স্কুলের শিক্ষক ও অভিভাবকরা জানান, দুর্ঘটনার সময় ক্লাস চলছিল। হঠাৎ বিকট শব্দে চারপাশ কেঁপে ওঠে এবং মুহূর্তেই আগুন ছড়িয়ে পড়ে।

হাসপাতালের বার্ন ইউনিটে এখনো চিকিৎসাধীন রয়েছে অনেক শিশু। স্বজনদের আহাজারিতে ভারী হয়ে উঠেছে পরিবেশ। চিকিৎসকরা জানান, কয়েকজনের অবস্থা আশঙ্কাজনক। তাদের নিবিড় পর্যবেক্ষণে রাখা হয়েছে। স্কুলের শিক্ষক ও অভিভাবকরা জানান, দুর্ঘটনার সময় ক্লাস চলছিল। হঠাৎ বিকট শব্দে চারপাশ কেঁপে ওঠে এবং মুহূর্তেই আগুন ছড়িয়ে পড়ে।

হাসপাতালের বার্ন ইউনিটে এখনো চিকিৎসাধীন রয়েছে অনেক শিশু। স্বজনদের আহাজারিতে ভারী হয়ে উঠেছে পরিবেশ। চিকিৎসকরা জানান, কয়েকজনের অবস্থা আশঙ্কাজনক। তাদের নিবিড় পর্যবেক্ষণে রাখা হয়েছে। স্কুলের শিক্ষক ও অভিভাবকরা জানান, দুর্ঘটনার সময় ক্লাস চলছিল। হঠাৎ বিকট শব্দে চারপাশ কেঁপে ওঠে এবং মুহূর্তেই আগুন ছড়িয়ে পড়ে।

হাসপাতালের বার্ন ইউনিটে এখনো চিকিৎসাধীন রয়েছে অনেক শিশু। স্বজনদের আহাজারিতে ভারী হয়ে উঠেছে পরিবেশ। চিকিৎসকরা জানান, কয়েকজনের অবস্থা আশঙ্কাজনক। তাদের নিবিড় পর্যবেক্ষণে রাখা হয়েছে। স্কুলের শিক্ষক ও অভিভাবকরা জানান, দুর্ঘটনার সময় ক্লাস চলছিল। হঠাৎ বিকট শব্দে চারপাশ কেঁপে ওঠে এবং মুহূর্তেই আগুন ছড়িয়ে পড়ে।	এশিয়া কাপ অনিশ্চয়তায় কোটি
শেষ পাতার পর

এশিয়ান ক্রিকেট কাউন্সিলের সভা নিয়ে অনিশ্চয়তা কাটেনি। টুর্নামেন্টের ভেন্যু ও সূচি চূড়ান্ত না হওয়ায় সম্প্রচার স্বত্ব ও স্পনসরশিপ নিয়ে কোটি টাকার ক্ষতির আশঙ্কা করছে আয়োজকরা। বিসিবি জানিয়েছে, তারা সভায় অংশ নিয়ে সমাধানের পথ খুঁজবে।

এশিয়ান ক্রিকেট কাউন্সিলের সভা নিয়ে অনিশ্চয়তা কাটেনি। টুর্নামেন্টের ভেন্যু ও সূচি চূড়ান্ত না হওয়ায় সম্প্রচার স্বত্ব ও স্পনসরশিপ নিয়ে কোটি টাকার ক্ষতির আশঙ্কা করছে আয়োজকরা। বিসিবি জানিয়েছে, তারা সভায় অংশ নিয়ে সমাধানের পথ খুঁজবে।

বিপদে সেই জাকের আলীই ত্রাতা
শেষ পাতার পর

ম্যাচের কঠিন মুহূর্তে ব্যাট হাতে দলের হাল ধরেন জাকের আলী। টপ অর্ডারের ব্যর্থতার পর তার দায়িত্বশীল ইনিংসে লড়াই করার মতো সংগ্রহ পায় বাংলাদেশ। ম্যাচ শেষে অধিনায়ক বলেন, জাকের আমাদের নির্ভরতার প্রতীক হয়ে উঠছে। শেষ ওভারগুলোতে তার আক্রমণাত্মক ব্যাটিং দলকে ম্যাচে ফিরিয়ে আনে। বোলাররাও শুরুতে উইকেট তুলে নিয়ে প্রতিপক্ষকে চাপে রাখেন। সিরিজের পরের ম্যাচ শুক্রবার অনুষ্ঠিত হবে। দলের কোচ জানান, ব্যাটিং অর্ডারে কিছু পরিবর্তন আসতে পারে এবং তরুণদের সুযোগ দেওয়া হবে।

ম্যাচের কঠিন মুহূর্তে ব্যাট হাতে দলের হাল ধরেন জাকের আলী। টপ অর্ডারের ব্যর্থতার পর তার দায়িত্বশীল ইনিংসে লড়াই করার মতো সংগ্রহ পায় বাংলাদেশ। ম্যাচ শেষে অধিনায়ক বলেন, জাকের আমাদের নির্ভরতার প্রতীক হয়ে উঠছে। শেষ ওভারগুলোতে তার আক্রমণাত্মক ব্যাটিং দলকে ম্যাচে ফিরিয়ে আনে। বোলাররাও শুরুতে উইকেট তুলে নিয়ে প্রতিপক্ষকে চাপে রাখেন। সিরিজের পরের ম্যাচ শুক্রবার অনুষ্ঠিত হবে। দলের কোচ জানান, ব্যাটিং অর্ডারে কিছু পরিবর্তন আসতে পারে এবং তরুণদের সুযোগ দেওয়া হবে।

ম্যাচের কঠিন মুহূর্তে ব্যাট হাতে দলের হাল ধরেন জাকের আলী। টপ অর্ডারের ব্যর্থতার পর তার দায়িত্বশীল ইনিংসে লড়াই করার মতো সংগ্রহ পায় বাংলাদেশ। ম্যাচ শেষে অধিনায়ক বলেন, জাকের আমাদের নির্ভরতার প্রতীক হয়ে উঠছে। শেষ ওভারগুলোতে তার আক্রমণাত্মক ব্যাটিং দলকে ম্যাচে ফিরিয়ে আনে। বোলাররাও শুরুতে উইকেট তুলে নিয়ে প্রতিপক্ষকে চাপে রাখেন। সিরিজের পরের ম্যাচ শুক্রবার অনুষ্ঠিত হবে। দলের কোচ জানান, ব্যাটিং অর্ডারে কিছু পরিবর্তন আসতে পারে এবং তরুণদের সুযোগ দেওয়া হবে।

ম্যাচের কঠিন মুহূর্তে ব্যাট হাতে দলের হাল ধরেন জাকের আলী। টপ অর্ডারের ব্যর্থতার পর তার দায়িত্বশীল ইনিংসে লড়াই করার মতো সংগ্রহ পায় বাংলাদেশ। ম্যাচ শেষে অধিনায়ক বলেন, জাকের আমাদের নির্ভরতার প্রতীক হয়ে উঠছে। শেষ ওভারগুলোতে তার আক্রমণাত্মক ব্যাটিং দলকে ম্যাচে ফিরিয়ে আনে। বোলাররাও শুরুতে উইকেট তুলে নিয়ে প্রতিপক্ষকে চাপে রাখেন। সিরিজের পরের ম্যাচ শুক্রবার অনুষ্ঠিত হবে। দলের কোচ জানান, ব্যাটিং অর্ডারে কিছু পরিবর্তন আসতে পারে এবং তরুণদের সুযোগ দেওয়া হবে।

ম্যাচের কঠিন মুহূর্তে ব্যাট হাতে দলের হাল ধরেন জাকের আলী। টপ অর্ডারের ব্যর্থতার পর তার দায়িত্বশীল ইনিংসে লড়াই করার মতো সংগ্রহ পায় বাংলাদেশ। ম্যাচ শেষে অধিনায়ক বলেন, জাকের আমাদের নির্ভরতার প্রতীক হয়ে উঠছে। শেষ ওভারগুলোতে তার আক্রমণাত্মক ব্যাটিং দলকে ম্যাচে ফিরিয়ে আনে। বোলাররাও শুরুতে উইকেট তুলে নিয়ে প্রতিপক্ষকে চাপে রাখেন। সিরিজের পরের ম্যাচ শুক্রবার অনুষ্ঠিত হবে। দলের কোচ জানান, ব্যাটিং অর্ডারে কিছু পরিবর্তন আসতে পারে এবং তরুণদের সুযোগ দেওয়া হবে।

ম্যাচের কঠিন মুহূর্তে ব্যাট হাতে দলের হাল ধরেন জাকের আলী। টপ অর্ডারের ব্যর্থতার পর তার দায়িত্বশীল ইনিংসে লড়াই করার মতো সংগ্রহ পায় বাংলাদেশ। ম্যাচ শেষে অধিনায়ক বলেন, জাকের আমাদের নির্ভরতার প্রতীক হয়ে উঠছে। শেষ ওভারগুলোতে তার আক্রমণাত্মক ব্যাটিং দলকে ম্যাচে ফিরিয়ে আনে। বোলাররাও শুরুতে উইকেট তুলে নিয়ে প্রতিপক্ষকে চাপে রাখেন। সিরিজের পরের ম্যাচ শুক্রবার অনুষ্ঠিত হবে। দলের কোচ জানান, ব্যাটিং অর্ডারে কিছু পরিবর্তন আসতে পারে এবং তরুণদের সুযোগ দেওয়া হবে।

রাঙামাটির আবাসিক হোটেলে জুয়ার আসর: পুলিশের অভিযানে আটক ১৩

রাঙামাটি শহরের একটি আবাসিক হোটেলে জুয়ার আসর থেকে ১৩ জনকে আটক করেছে পুলিশ। গোপন সংবাদের ভিত্তিতে মঙ্গলবার রাতে অভিযান চালিয়ে তাদের আটক করা হয়। এ সময় জুয়া খেলার সরঞ্জাম ও নগদ টাকা জব্দ করা হয়। কোতোয়ালি থানার ওসি জানান, আটককৃতদের বিরুদ্ধে জুয়া আইনে মামলা দায়ের করা হয়েছে। এলাকাবাসী জানান, দীর্ঘদিন ধরে হোটেলটিতে জুয়ার আসর বসত। হোটেল কর্তৃপক্ষের ভূমিকা খতিয়ে দেখা হচ্ছে বলে পুলিশ জানিয়েছে।

রাঙামাটি শহরের একটি আবাসিক হোটেলে জুয়ার আসর থেকে ১৩ জনকে আটক করেছে পুলিশ। গোপন সংবাদের ভিত্তিতে মঙ্গলবার রাতে অভিযান চালিয়ে তাদের আটক করা হয়। এ সময় জুয়া খেলার সরঞ্জাম ও নগদ টাকা জব্দ করা হয়। কোতোয়ালি থানার ওসি জানান, আটককৃতদের বিরুদ্ধে জুয়া আইনে মামলা দায়ের করা হয়েছে। এলাকাবাসী জানান, দীর্ঘদিন ধরে হোটেলটিতে জুয়ার আসর বসত। হোটেল কর্তৃপক্ষের ভূমিকা খতিয়ে দেখা হচ্ছে বলে পুলিশ জানিয়েছে।

রাঙামাটি শহরের একটি আবাসিক হোটেলে জুয়ার আসর থেকে ১৩ জনকে আটক করেছে পুলিশ। গোপন সংবাদের ভিত্তিতে মঙ্গলবার রাতে অভিযান চালিয়ে তাদের আটক করা হয়। এ সময় জুয়া খেলার সরঞ্জাম ও নগদ টাকা জব্দ করা হয়। কোতোয়ালি থানার ওসি জানান, আটককৃতদের বিরুদ্ধে জুয়া আইনে মামলা দায়ের করা হয়েছে। এলাকাবাসী জানান, দীর্ঘদিন ধরে হোটেলটিতে জুয়ার আসর বসত। হোটেল কর্তৃপক্ষের ভূমিকা খতিয়ে দেখা হচ্ছে বলে পুলিশ জানিয়েছে।

রাঙামাটি শহরের একটি আবাসিক হোটেলে জুয়ার আসর থেকে ১৩ জনকে আটক করেছে পুলিশ। গোপন সংবাদের ভিত্তিতে মঙ্গলবার রাতে অভিযান চালিয়ে তাদের আটক করা হয়। এ সময় জুয়া খেলার সরঞ্জাম ও নগদ টাকা জব্দ করা হয়। কোতোয়ালি থানার ওসি জানান, আটককৃতদের বিরুদ্ধে জুয়া আইনে মামলা দায়ের করা হয়েছে। এলাকাবাসী জানান, দীর্ঘদিন ধরে হোটেলটিতে জুয়ার আসর বসত। হোটেল কর্তৃপক্ষের ভূমিকা খতিয়ে দেখা হচ্ছে বলে পুলিশ জানিয়েছে।

রাঙামাটি শহরের একটি আবাসিক হোটেলে জুয়ার আসর থেকে ১৩ জনকে আটক করেছে পুলিশ। গোপন সংবাদের ভিত্তিতে মঙ্গলবার রাতে অভিযান চালিয়ে তাদের আটক করা হয়। এ সময় জুয়া খেলার সরঞ্জাম ও নগদ টাকা জব্দ করা হয়। কোতোয়ালি থানার ওসি জানান, আটককৃতদের বিরুদ্ধে জুয়া আইনে মামলা দায়ের করা হয়েছে। এলাকাবাসী জানান, দীর্ঘদিন ধরে হোটেলটিতে জুয়ার আসর বসত। হোটেল কর্তৃপক্ষের ভূমিকা খতিয়ে দেখা হচ্ছে বলে পুলিশ জানিয়েছে।
